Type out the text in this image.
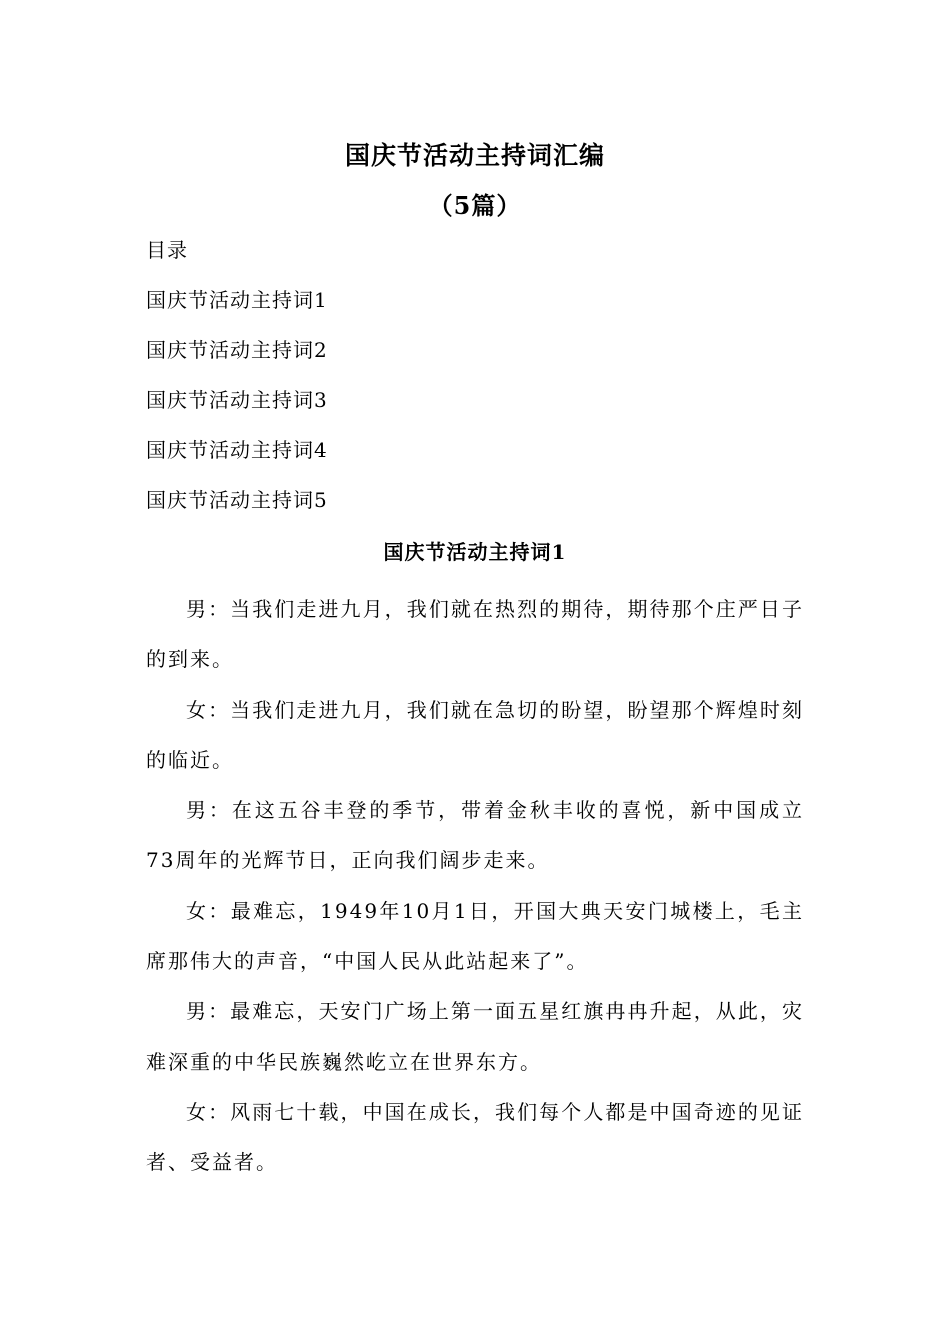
国庆节活动主持词汇编
（5篇）
目录
国庆节活动主持词1
国庆节活动主持词2
国庆节活动主持词3
国庆节活动主持词4
国庆节活动主持词5
国庆节活动主持词1

男：当我们走进九月，我们就在热烈的期待，期待那个庄严日子的到来。

女：当我们走进九月，我们就在急切的盼望，盼望那个辉煌时刻的临近。

男：在这五谷丰登的季节，带着金秋丰收的喜悦，新中国成立73周年的光辉节日，正向我们阔步走来。

女：最难忘，1949年10月1日，开国大典天安门城楼上，毛主席那伟大的声音，“中国人民从此站起来了”。

男：最难忘，天安门广场上第一面五星红旗冉冉升起，从此，灾难深重的中华民族巍然屹立在世界东方。

女：风雨七十载，中国在成长，我们每个人都是中国奇迹的见证者、受益者。
